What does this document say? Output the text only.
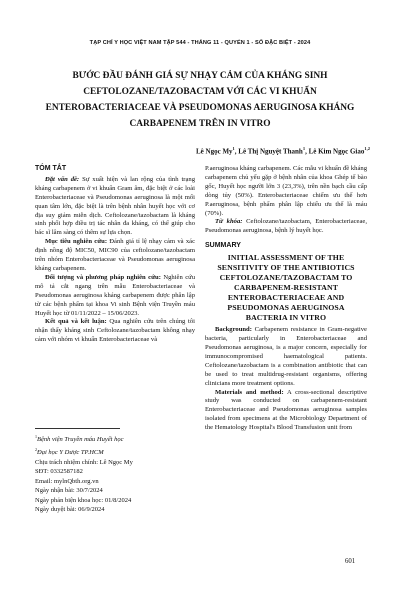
TẠP CHÍ Y HỌC VIỆT NAM TẬP 544 - THÁNG 11 - QUYỂN 1 - SỐ ĐẶC BIỆT - 2024
BƯỚC ĐẦU ĐÁNH GIÁ SỰ NHẠY CẢM CỦA KHÁNG SINH CEFTOLOZANE/TAZOBACTAM VỚI CÁC VI KHUẨN ENTEROBACTERIACEAE VÀ PSEUDOMONAS AERUGINOSA KHÁNG CARBAPENEM TRÊN IN VITRO
Lê Ngọc My$^1$, Lê Thị Nguyệt Thanh$^1$, Lê Kim Ngọc Giao$^{1,2}$
TÓM TẮT

Đặt vấn đề: Sự xuất hiện và lan rộng của tình trạng kháng carbapenem ở vi khuẩn Gram âm, đặc biệt ở các loài Enterobacteriaceae và Pseudomonas aeruginosa là một mối quan tâm lớn, đặc biệt là trên bệnh nhân huyết học với cơ địa suy giảm miễn dịch. Ceftolozane/tazobactam là kháng sinh phối hợp điều trị tác nhân đa kháng, có thể giúp cho bác sĩ lâm sàng có thêm sự lựa chọn.

Mục tiêu nghiên cứu: Đánh giá tỉ lệ nhạy cảm và xác định nồng độ MIC50, MIC90 của ceftolozane/tazobactam trên nhóm Enterobacteriaceae và Pseudomonas aeruginosa kháng carbapenem.

Đối tượng và phương pháp nghiên cứu: Nghiên cứu mô tả cắt ngang trên mẫu Enterobacteriaceae và Pseudomonas aeruginosa kháng carbapenem được phân lập từ các bệnh phẩm tại khoa Vi sinh Bệnh viện Truyền máu Huyết học từ 01/11/2022 – 15/06/2023.

Kết quả và kết luận: Qua nghiên cứu trên chúng tôi nhận thấy kháng sinh Ceftolozane/tazobactam không nhạy cảm với nhóm vi khuẩn Enterobacteriaceae và

$^1$Bệnh viện Truyền máu Huyết học
$^2$Đại học Y Dược TP.HCM
Chịu trách nhiệm chính: Lê Ngọc My
SĐT: 0332587182
Email: mylnQbth.org.vn
Ngày nhận bài: 30/7/2024
Ngày phản biện khoa học: 01/8/2024
Ngày duyệt bài: 06/9/2024

P.aeruginosa kháng carbapenem. Các mẫu vi khuẩn đề kháng carbapenem chủ yếu gặp ở bệnh nhân của khoa Ghép tế bào gốc, Huyết học người lớn 3 (23,3%), trên nền bạch cầu cấp dòng tủy (50%). Enterobacteriaceae chiếm ưu thế hơn P.aeruginosa, bệnh phẩm phân lập chiếu ưu thế là máu (70%).

Từ khóa: Ceftolozane/tazobactam, Enterobacteriaceae, Pseudomonas aeruginosa, bệnh lý huyết học.

SUMMARY
INITIAL ASSESSMENT OF THE SENSITIVITY OF THE ANTIBIOTICS CEFTOLOZANE/TAZOBACTAM TO CARBAPENEM-RESISTANT ENTEROBACTERIACEAE AND PSEUDOMONAS AERUGINOSA BACTERIA IN VITRO

Background: Carbapenem resistance in Gram-negative bacteria, particularly in Enterobacteriaceae and Pseudomonas aeruginosa, is a major concern, especially for immunocompromised haematological patients. Ceftolozane/tazobactam is a combination antibiotic that can be used to treat multidrug-resistant organisms, offering clinicians more treatment options.

Materials and method: A cross-sectional descriptive study was conducted on carbapenem-resistant Enterobacteriaceae and Pseudomonas aeruginosa samples isolated from specimens at the Microbiology Department of the Hematology Hospital's Blood Transfusion unit from

601
